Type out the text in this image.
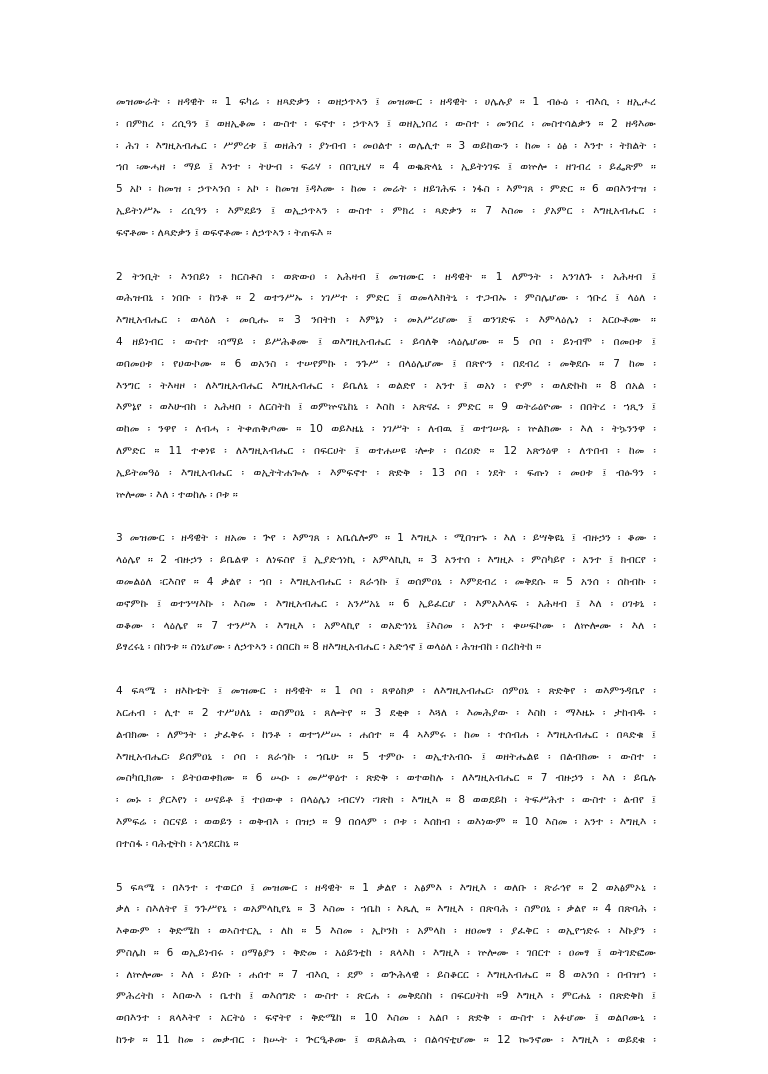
መዝሙራት ፡ ዘዳዊት ። 1 ፍካሬ ፡ ዘጻድቃን ፡ ወዘኃጥኣን ፤ መዝሙር ፡ ዘዳዊት ፡ ሀሌሉያ ። 1 ብፁዕ ፡ ብእሲ ፡ ዘኢሖረ
፡ በምክረ ፡ ረሲዓን ፤ ወዘኢቆመ ፡ ውስተ ፡ ፍኖተ ፡ ኃጥኣን ፤ ወዘኢነበረ ፡ ውስተ ፡ መንበረ ፡ መስተሳልቃን ። 2 ዘዳእሙ
፡ ሕገ ፡ እግዚአብሔር ፡ ሥምረቱ ፤ ወዘሕጎ ፡ ያነብብ ፡ መዐልተ ፡ ወሌሊተ ። 3 ወይከውን ፡ ከመ ፡ ዕፅ ፡ እንተ ፡ ትክልት ፡
ኀበ ፡ሙሓዘ ፡ ማይ ፤ እንተ ፡ ትሁብ ፡ ፍሬሃ ፡ በበጊዜሃ ። 4 ወቈጽላኒ ፡ ኢይትነገፍ ፤ ወኵሎ ፡ ዘገብረ ፡ ይፌጽም ።
5 አኮ ፡ ከመዝ ፡ ኃጥኣንሰ ፡ አኮ ፡ ከመዝ ፤ዳእሙ ፡ ከመ ፡ መሬት ፡ ዘይገሕፍ ፡ ነፋስ ፡ እምገጸ ፡ ምድር ። 6 ወበእንተዝ ፡
ኢይትነሥኡ ፡ ረሲዓን ፡ እምደይን ፤ ወኢኃጥኣን ፡ ውስተ ፡ ምክረ ፡ ጻድቃን ። 7 እስመ ፡ ያአምር ፡ እግዚአብሔር ፡
ፍኖቶሙ ፡ ለጻድቃን ፤ ወፍኖቶሙ ፡ ለኃጥኣን ፡ ትጠፍእ ።
2 ትንቢት ፡ እንበይነ ፡ ክርስቶስ ፡ ወጽውዐ ፡ አሕዛብ ፤ መዝሙር ፡ ዘዳዊት ። 1 ለምንት ፡ አንገለጉ ፡ አሕዛብ ፤
ወሕዝብኒ ፡ ነበቡ ፡ ከንቶ ። 2 ወተንሥኡ ፡ ነገሥተ ፡ ምድር ፤ ወመላእክትኒ ፡ ተጋብኡ ፡ ምስሌሆሙ ፡ ኅቡረ ፤ ላዕለ ፡
እግዚአብሔር ፡ ወላዕለ ፡ መሲሑ ። 3 ንበትክ ፡ እምኔነ ፡ መአሥሪሆሙ ፤ ወንገድፍ ፡ እምላዕሌነ ፡ አርዑቶሙ ።
4 ዘይነብር ፡ ውስተ ፡ሰማይ ፡ ይሥሕቆሙ ፤ ወእግዚአብሔር ፡ ይሳለቅ ፡ላዕሌሆሙ ። 5 ሶበ ፡ ይነብሞ ፡ በመዐቱ ፤
ወበመዐቱ ፡ የሀውኮሙ ። 6 ወአንስ ፡ ተሠየምኩ ፡ ንጉሥ ፡ በላዕሌሆሙ ፤ በጽዮን ፡ በደብረ ፡ መቅደሱ ። 7 ከመ ፡
እንግር ፡ ትእዛዞ ፡ ለእግዚአብሔር እግዚአብሔር ፡ ይቤለኒ ፡ ወልድየ ፡ አንተ ፤ ወአነ ፡ ዮም ፡ ወለድኩከ ። 8 ሰአል ፡
እምኔየ ፡ ወእሁብከ ፡ አሕዛበ ፡ ለርስትከ ፤ ወምኵናኒከኒ ፡ እስከ ፡ አጽናፈ ፡ ምድር ። 9 ወትሬዕዮሙ ፡ በበትረ ፡ ኀጺን ፤
ወከመ ፡ ንዋየ ፡ ለብሓ ፡ ትቀጠቅጦሙ ። 10 ወይእዜኒ ፡ ነገሥት ፡ ለብዉ ፤ ወተገሠጹ ፡ ኵልክሙ ፡ እለ ፡ ትኴንንዋ ፡
ለምድር ። 11 ተቀነዩ ፡ ለእግዚአብሔር ፡ በፍርሀት ፤ ወተሐሠዩ ፡ሎቱ ፡ በረዐድ ። 12 አጽንዕዋ ፡ ለጥበብ ፡ ከመ ፡
ኢይትመዓዕ ፡ እግዚአብሔር ፡ ወኢትትሐጐሉ ፡ እምፍኖተ ፡ ጽድቅ ፡ 13 ሶበ ፡ ነደት ፡ ፍጡነ ፡ መዐቱ ፤ ብፁዓን ፡
ኵሎሙ ፡ እለ ፡ ተወከሉ ፡ ቦቱ ።
3 መዝሙር ፡ ዘዳዊት ፡ ዘአመ ፡ ጕየ ፡ እምገጸ ፡ አቤሴሎም ። 1 እግዚኦ ፡ ሚበዝኁ ፡ እለ ፡ ይሣቅዩኒ ፤ ብዙኃን ፡ ቆሙ ፡
ላዕሌየ ። 2 ብዙኃን ፡ ይቤልዋ ፡ ለነፍስየ ፤ ኢያድኅነኪ ፡ አምላኪኪ ። 3 አንተሰ ፡ እግዚኦ ፡ ምስካይየ ፡ አንተ ፤ ክብርየ ፡
ወመልዕለ ፡ርእስየ ። 4 ቃልየ ፡ ኀበ ፡ እግዚአብሔር ፡ ጸራኅኩ ፤ ወሰምዐኒ ፡ እምደብረ ፡ መቅደሱ ። 5 አንሰ ፡ ሰከብኩ ፡
ወኖምኩ ፤ ወተንሣእኩ ፡ እስመ ፡ እግዚአብሔር ፡ አንሥአኒ ። 6 ኢይፈርሆ ፡ እምአእላፍ ፡ አሕዛብ ፤ እለ ፡ ዐገቱኒ ፡
ወቆሙ ፡ ላዕሌየ ። 7 ተንሥእ ፡ እግዚእ ፡ አምላኪየ ፡ ወአድኅነኒ ፤እስመ ፡ አንተ ፡ ቀሠፍኮሙ ፡ ለኵሎሙ ፡ እለ ፡
ይፃረሩኒ ፡ በከንቱ ። ስነኒሆሙ ፡ ለኃጥኣን ፡ ሰበርከ ። 8 ዘእግዚአብሔር ፡ አድኅኖ ፤ ወላዕለ ፡ ሕዝብከ ፡ በረከትከ ።
4 ፍጻሜ ፡ ዘእኩቴት ፤ መዝሙር ፡ ዘዳዊት ። 1 ሶበ ፡ ጸዋዕክዎ ፡ ለእግዚአብሔር፡ ሰምዐኒ ፡ ጽድቅየ ፡ ወእምንዳቤየ ፡
አርሐብ ፡ ሊተ ። 2 ተሥሀለኒ ፡ ወስምዐኒ ፡ ጸሎትየ ። 3 ደቂቀ ፡ እጓለ ፡ እመሕያው ፡ እስከ ፡ ማእዜኑ ፡ ታከብዱ ፡
ልብክሙ ፡ ለምንት ፡ ታፈቅሩ ፡ ከንቶ ፡ ወተኀሥሡ ፡ ሐሰተ ። 4 ኣእምሩ ፡ ከመ ፡ ተሰብሐ ፡ እግዚአብሔር ፡ በጻድቁ ፤
እግዚአብሔር፡ ይሰምዐኒ ፡ ሶበ ፡ ጸራኅኩ ፡ ኀቤሁ ። 5 ተምዑ ፡ ወኢተአብሱ ፤ ወዘትሔልዩ ፡ በልብክሙ ፡ ውስተ ፡
መስካቢክሙ ፡ ይትዐወቀክሙ ። 6 ሡዑ ፡ መሥዋዕተ ፡ ጽድቅ ፡ ወተወከሉ ፡ ለእግዚአብሔር ። 7 ብዙኃን ፡ እለ ፡ ይቤሉ
፡ መኑ ፡ ያርእየነ ፡ ሠናይቶ ፤ ተዐውቀ ፡ በላዕሌነ ፡ብርሃነ ፡ገጽከ ፡ እግዚእ ። 8 ወወደይከ ፡ ትፍሥሕተ ፡ ውስተ ፡ ልብየ ፤
እምፍሬ ፡ ስርናይ ፡ ወወይን ፡ ወቅብእ ፡ በዝኃ ። 9 በሰላም ፡ ቦቱ ፡ እሰክብ ፡ ወእነውም ። 10 እስመ ፡ አንተ ፡ እግዚእ ፡
በተስፋ ፡ ባሕቲትከ ፡ አኅደርከኒ ።
5 ፍጻሜ ፡ በእንተ ፡ ተወርሶ ፤ መዝሙር ፡ ዘዳዊት ። 1 ቃልየ ፡ አፅምእ ፡ እግዚእ ፡ ወለቡ ፡ ጽራኅየ ። 2 ወአፅምኦኒ ፡
ቃለ ፡ ስእለትየ ፤ ንጉሥየኒ ፡ ወአምላኪየኒ ። 3 እስመ ፡ ኀቤከ ፡ እጼሊ ። እግዚእ ፡ በጽባሕ ፡ ስምዐኒ ፡ ቃልየ ። 4 በጽባሕ ፡
እቀውም ፡ ቅድሜከ ፡ ወኣስተርኢ ፡ ለከ ። 5 እስመ ፡ ኢኮንከ ፡ አምላከ ፡ ዘዐመፃ ፡ ያፈቅር ፡ ወኢየኀድሩ ፡ እኩያን ፡
ምስሌከ ። 6 ወኢይነብሩ ፡ ዐማፅያን ፡ ቅድመ ፡ አዕይንቲከ ፡ ጸላእከ ፡ እግዚእ ፡ ኵሎሙ ፡ ገበርተ ፡ ዐመፃ ፤ ወትገድፎሙ
፡ ለኵሎሙ ፡ እለ ፡ ይነቡ ፡ ሐሰተ ። 7 ብእሲ ፡ ደም ፡ ወጕሕላዊ ፡ ይስቆርር ፡ እግዚአብሔር ። 8 ወአንሰ ፡ በብዝኀ ፡
ምሕረትከ ፡ እበውእ ፡ ቤተከ ፤ ወእሰግድ ፡ ውስተ ፡ ጽርሐ ፡ መቅደስከ ፡ በፍርሀትከ ።9 እግዚእ ፡ ምርሐኒ ፡ በጽድቅከ ፤
ወበእንተ ፡ ጸላእትየ ፡ አርትዕ ፡ ፍኖትየ ፡ ቅድሜከ ። 10 እስመ ፡ አልቦ ፡ ጽድቅ ፡ ውስተ ፡ አፉሆሙ ፤ ወልቦሙኒ ፡
ከንቱ ። 11 ከመ ፡ መቃብር ፡ ክሡት ፡ ጕርዒቶሙ ፤ ወጸልሕዉ ፡ በልሳናቲሆሙ ። 12 ኰንኖሙ ፡ እግዚእ ፡ ወይደቁ ፡
